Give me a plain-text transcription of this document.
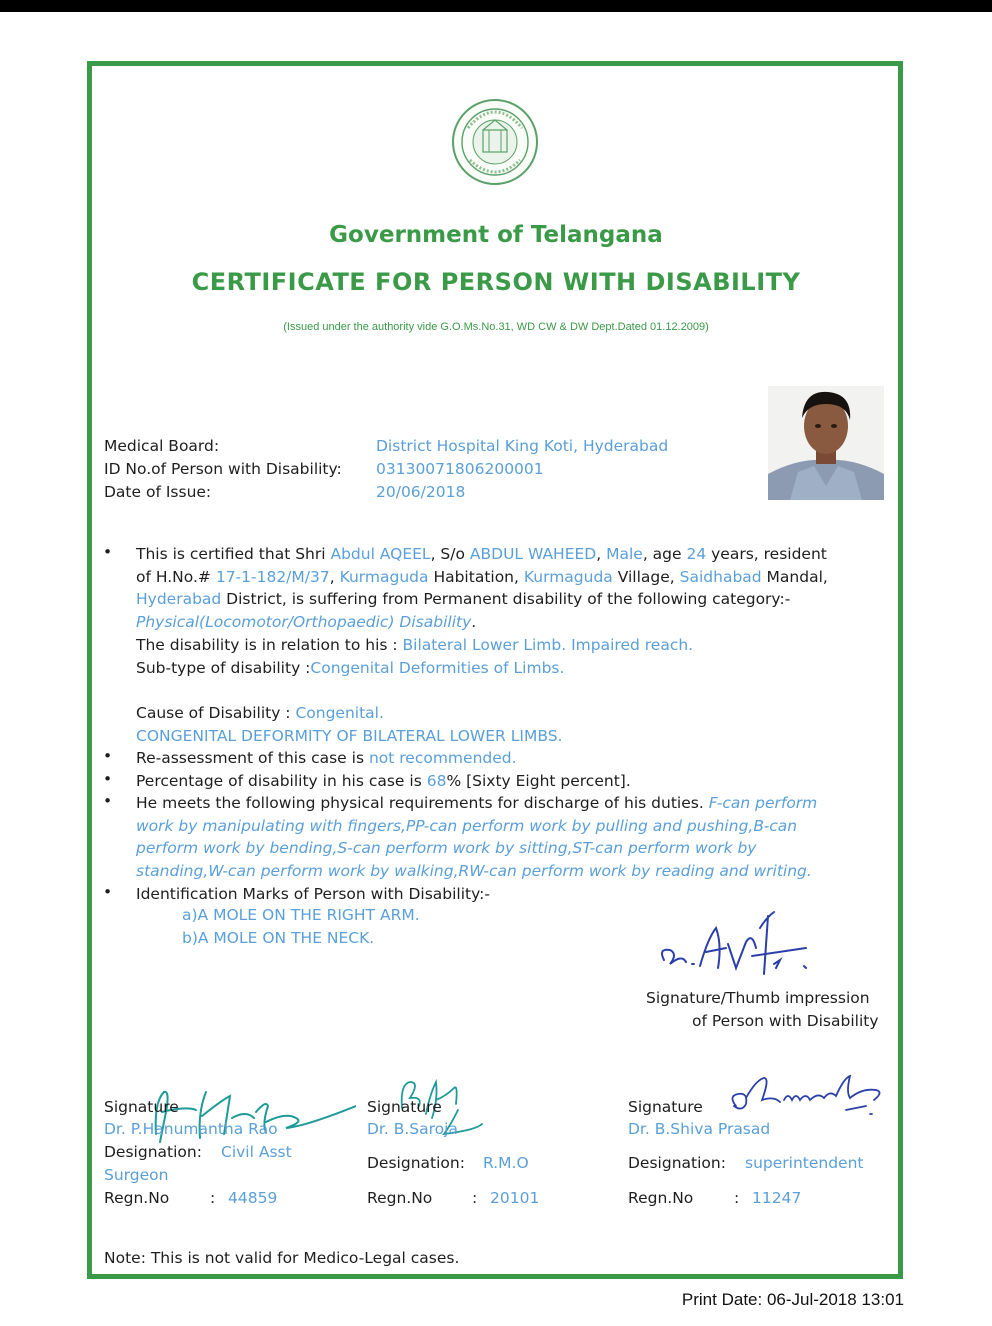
Government of Telangana
CERTIFICATE FOR PERSON WITH DISABILITY
(Issued under the authority vide G.O.Ms.No.31, WD CW & DW Dept.Dated 01.12.2009)
Medical Board:	District Hospital King Koti, Hyderabad
ID No.of Person with Disability: 03130071806200001
Date of Issue:	20/06/2018
• This is certified that Shri Abdul AQEEL, S/o ABDUL WAHEED, Male, age 24 years, resident
of H.No.# 17-1-182/M/37, Kurmaguda Habitation, Kurmaguda Village, Saidhabad Mandal,
Hyderabad District, is suffering from Permanent disability of the following category:-
Physical(Locomotor/Orthopaedic) Disability.
The disability is in relation to his : Bilateral Lower Limb. Impaired reach.
Sub-type of disability :Congenital Deformities of Limbs.
Cause of Disability : Congenital.
CONGENITAL DEFORMITY OF BILATERAL LOWER LIMBS.
• Re-assessment of this case is not recommended.
• Percentage of disability in his case is 68% [Sixty Eight percent].
• He meets the following physical requirements for discharge of his duties. F-can perform
work by manipulating with fingers,PP-can perform work by pulling and pushing,B-can
perform work by bending,S-can perform work by sitting,ST-can perform work by
standing,W-can perform work by walking,RW-can perform work by reading and writing.
• Identification Marks of Person with Disability:-
a)A MOLE ON THE RIGHT ARM.
b)A MOLE ON THE NECK.
Signature/Thumb impression
of Person with Disability
Signature
Dr. P.Hanumantha Rao
Designation: Civil Asst
Surgeon
Regn.No	: 44859
Signature
Dr. B.Saroja
Designation: R.M.O
Regn.No	: 20101
Signature
Dr. B.Shiva Prasad
Designation: superintendent
Regn.No	: 11247
Note: This is not valid for Medico-Legal cases.
Print Date: 06-Jul-2018 13:01
